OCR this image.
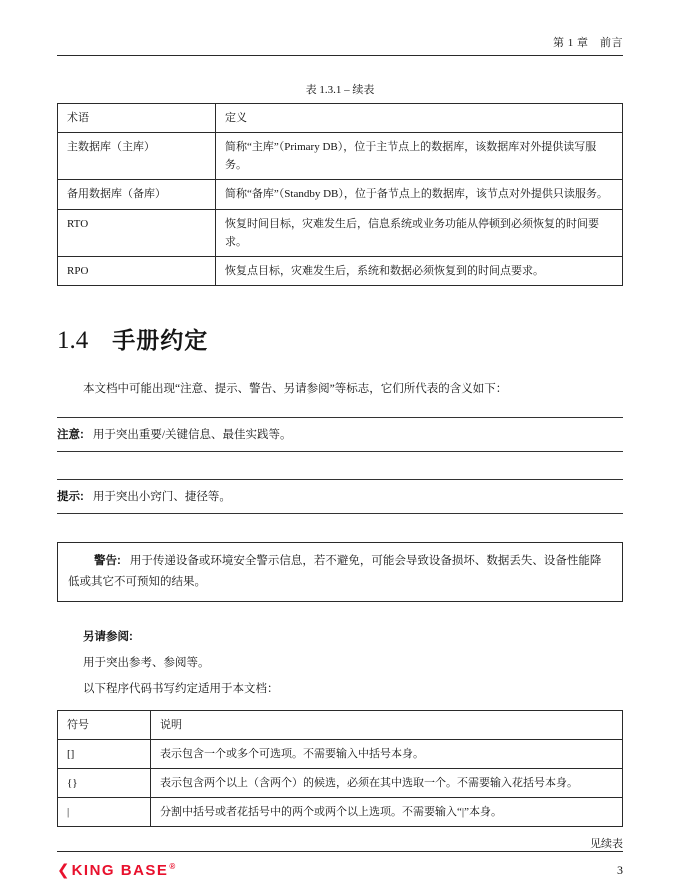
第 1 章　前言
表 1.3.1 – 续表
术语	定义
主数据库（主库）	简称“主库”（Primary DB），位于主节点上的数据库，该数据库对外提供读写服务。
备用数据库（备库）	简称“备库”（Standby DB），位于备节点上的数据库，该节点对外提供只读服务。
RTO	恢复时间目标，灾难发生后，信息系统或业务功能从停顿到必须恢复的时间要求。
RPO	恢复点目标，灾难发生后，系统和数据必须恢复到的时间点要求。
1.4 手册约定

本文档中可能出现“注意、提示、警告、另请参阅”等标志，它们所代表的含义如下：

注意: 用于突出重要/关键信息、最佳实践等。
提示: 用于突出小窍门、捷径等。

警告: 用于传递设备或环境安全警示信息，若不避免，可能会导致设备损坏、数据丢失、设备性能降低或其它不可预知的结果。

另请参阅:

用于突出参考、参阅等。

以下程序代码书写约定适用于本文档：

符号	说明
[]	表示包含一个或多个可选项。不需要输入中括号本身。
{}	表示包含两个以上（含两个）的候选，必须在其中选取一个。不需要输入花括号本身。
|	分割中括号或者花括号中的两个或两个以上选项。不需要输入“|”本身。
见续表
❮ KING BASE®	3
